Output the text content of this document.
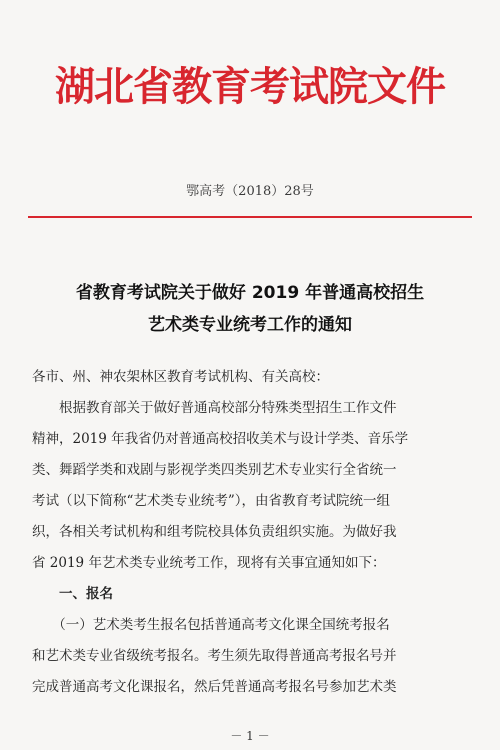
湖北省教育考试院文件
鄂高考（2018）28号
省教育考试院关于做好 2019 年普通高校招生
艺术类专业统考工作的通知
各市、州、神农架林区教育考试机构、有关高校：
　　根据教育部关于做好普通高校部分特殊类型招生工作文件
精神，2019 年我省仍对普通高校招收美术与设计学类、音乐学
类、舞蹈学类和戏剧与影视学类四类别艺术专业实行全省统一
考试（以下简称“艺术类专业统考”），由省教育考试院统一组
织，各相关考试机构和组考院校具体负责组织实施。为做好我
省 2019 年艺术类专业统考工作，现将有关事宜通知如下：
　　一、报名
　　（一）艺术类考生报名包括普通高考文化课全国统考报名
和艺术类专业省级统考报名。考生须先取得普通高考报名号并
完成普通高考文化课报名，然后凭普通高考报名号参加艺术类
－ 1 －
